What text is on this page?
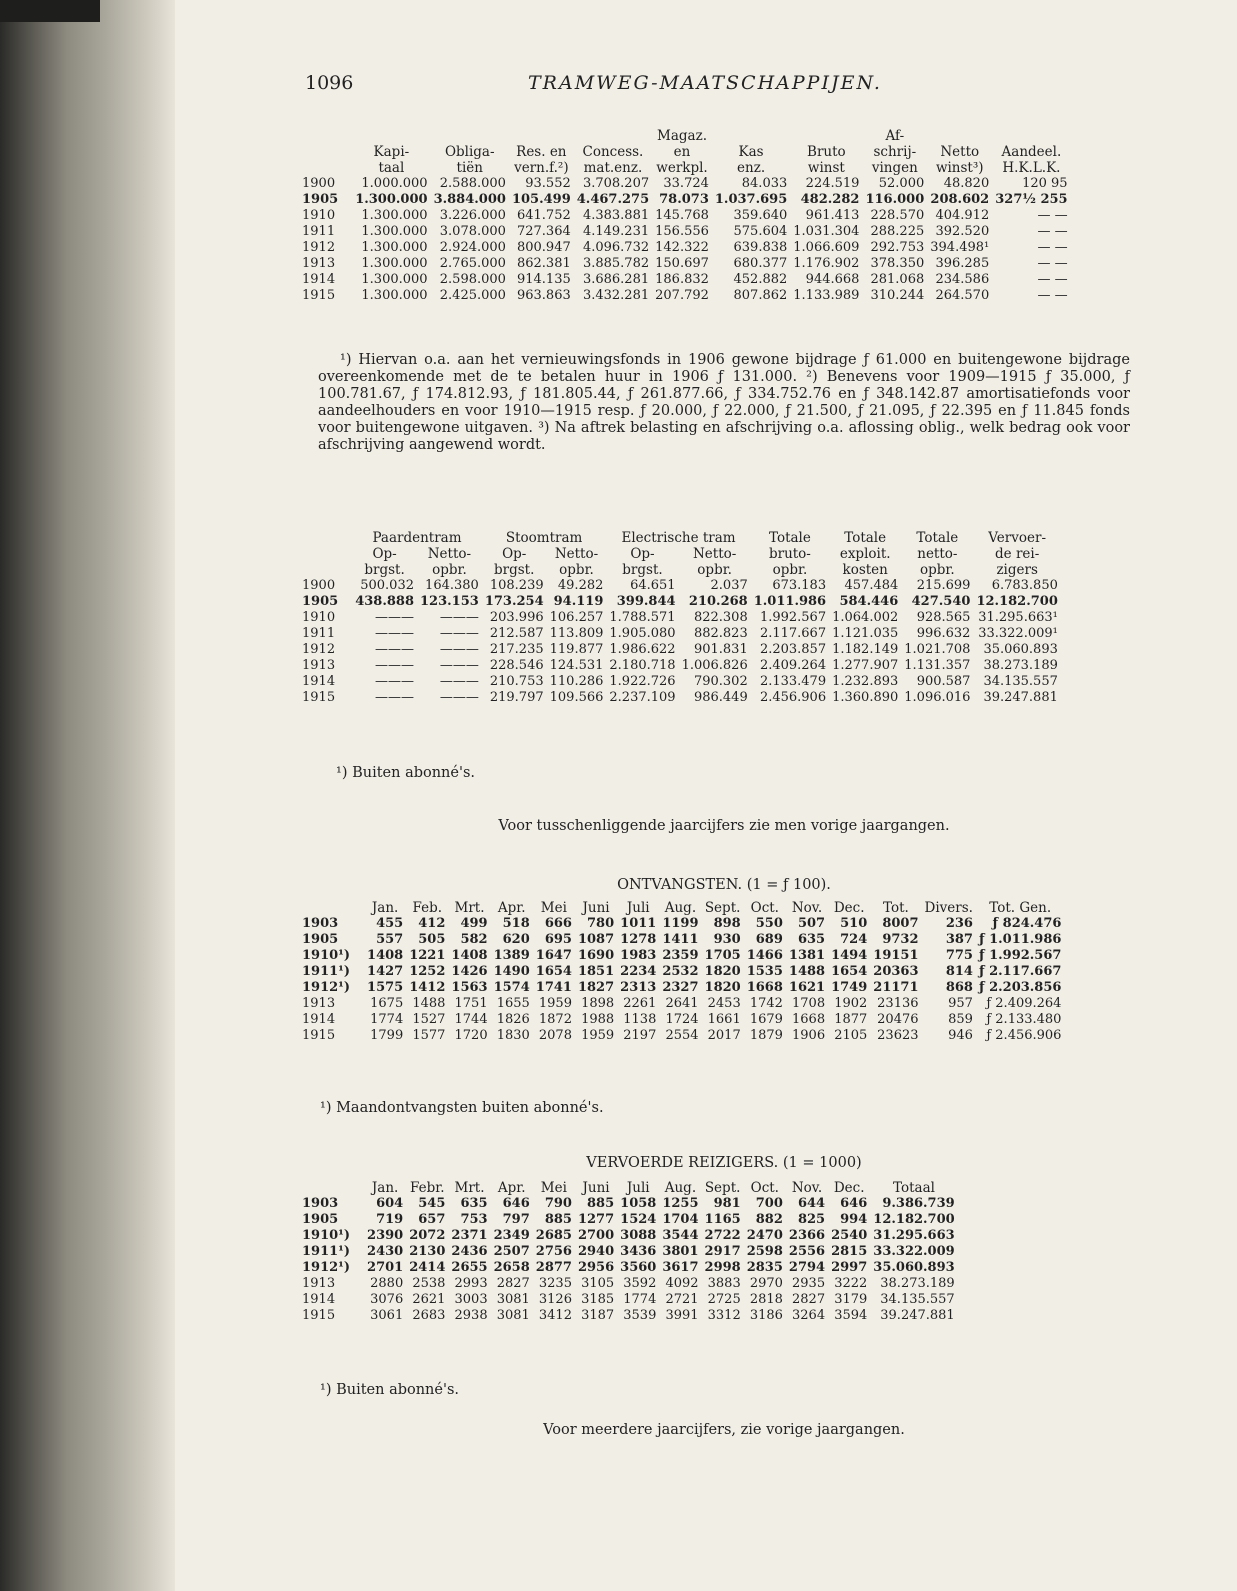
1096	TRAMWEG-MAATSCHAPPIJEN.
					Magaz.			Af-		
	Kapi-	Obliga-	Res. en	Concess.	en	Kas	Bruto	schrij-	Netto	Aandeel.
	taal	tiën	vern.f.²)	mat.enz.	werkpl.	enz.	winst	vingen	winst³)	H.K.L.K.
1900	1.000.000	2.588.000	93.552	3.708.207	33.724	84.033	224.519	52.000	48.820	120 95
1905	1.300.000	3.884.000	105.499	4.467.275	78.073	1.037.695	482.282	116.000	208.602	327½ 255
1910	1.300.000	3.226.000	641.752	4.383.881	145.768	359.640	961.413	228.570	404.912	— —
1911	1.300.000	3.078.000	727.364	4.149.231	156.556	575.604	1.031.304	288.225	392.520	— —
1912	1.300.000	2.924.000	800.947	4.096.732	142.322	639.838	1.066.609	292.753	394.498¹	— —
1913	1.300.000	2.765.000	862.381	3.885.782	150.697	680.377	1.176.902	378.350	396.285	— —
1914	1.300.000	2.598.000	914.135	3.686.281	186.832	452.882	944.668	281.068	234.586	— —
1915	1.300.000	2.425.000	963.863	3.432.281	207.792	807.862	1.133.989	310.244	264.570	— —
¹) Hiervan o.a. aan het vernieuwingsfonds in 1906 gewone bijdrage ƒ 61.000 en buitengewone bijdrage overeenkomende met de te betalen huur in 1906 ƒ 131.000. ²) Benevens voor 1909—1915 ƒ 35.000, ƒ 100.781.67, ƒ 174.812.93, ƒ 181.805.44, ƒ 261.877.66, ƒ 334.752.76 en ƒ 348.142.87 amortisatiefonds voor aandeelhouders en voor 1910—1915 resp. ƒ 20.000, ƒ 22.000, ƒ 21.500, ƒ 21.095, ƒ 22.395 en ƒ 11.845 fonds voor buitengewone uitgaven. ³) Na aftrek belasting en afschrijving o.a. aflossing oblig., welk bedrag ook voor afschrijving aangewend wordt.
	Paardentram		Stoomtram		Electrische tram		Totale	Totale	Totale	Vervoer-
	Op-	Netto-	Op-	Netto-	Op-	Netto-	bruto-	exploit.	netto-	de rei-
	brgst.	opbr.	brgst.	opbr.	brgst.	opbr.	opbr.	kosten	opbr.	zigers
1900	500.032	164.380	108.239	49.282	64.651	2.037	673.183	457.484	215.699	6.783.850
1905	438.888	123.153	173.254	94.119	399.844	210.268	1.011.986	584.446	427.540	12.182.700
1910	———	———	203.996	106.257	1.788.571	822.308	1.992.567	1.064.002	928.565	31.295.663¹
1911	———	———	212.587	113.809	1.905.080	882.823	2.117.667	1.121.035	996.632	33.322.009¹
1912	———	———	217.235	119.877	1.986.622	901.831	2.203.857	1.182.149	1.021.708	35.060.893
1913	———	———	228.546	124.531	2.180.718	1.006.826	2.409.264	1.277.907	1.131.357	38.273.189
1914	———	———	210.753	110.286	1.922.726	790.302	2.133.479	1.232.893	900.587	34.135.557
1915	———	———	219.797	109.566	2.237.109	986.449	2.456.906	1.360.890	1.096.016	39.247.881
¹) Buiten abonné's.
Voor tusschenliggende jaarcijfers zie men vorige jaargangen.
ONTVANGSTEN. (1 = ƒ 100).
	Jan.	Feb.	Mrt.	Apr.	Mei	Juni	Juli	Aug.	Sept.	Oct.	Nov.	Dec.	Tot.	Divers.	Tot. Gen.
1903	455	412	499	518	666	780	1011	1199	898	550	507	510	8007	236	ƒ 824.476
1905	557	505	582	620	695	1087	1278	1411	930	689	635	724	9732	387	ƒ 1.011.986
1910¹)	1408	1221	1408	1389	1647	1690	1983	2359	1705	1466	1381	1494	19151	775	ƒ 1.992.567
1911¹)	1427	1252	1426	1490	1654	1851	2234	2532	1820	1535	1488	1654	20363	814	ƒ 2.117.667
1912¹)	1575	1412	1563	1574	1741	1827	2313	2327	1820	1668	1621	1749	21171	868	ƒ 2.203.856
1913	1675	1488	1751	1655	1959	1898	2261	2641	2453	1742	1708	1902	23136	957	ƒ 2.409.264
1914	1774	1527	1744	1826	1872	1988	1138	1724	1661	1679	1668	1877	20476	859	ƒ 2.133.480
1915	1799	1577	1720	1830	2078	1959	2197	2554	2017	1879	1906	2105	23623	946	ƒ 2.456.906
¹) Maandontvangsten buiten abonné's.
VERVOERDE REIZIGERS. (1 = 1000)
	Jan.	Febr.	Mrt.	Apr.	Mei	Juni	Juli	Aug.	Sept.	Oct.	Nov.	Dec.	Totaal
1903	604	545	635	646	790	885	1058	1255	981	700	644	646	9.386.739
1905	719	657	753	797	885	1277	1524	1704	1165	882	825	994	12.182.700
1910¹)	2390	2072	2371	2349	2685	2700	3088	3544	2722	2470	2366	2540	31.295.663
1911¹)	2430	2130	2436	2507	2756	2940	3436	3801	2917	2598	2556	2815	33.322.009
1912¹)	2701	2414	2655	2658	2877	2956	3560	3617	2998	2835	2794	2997	35.060.893
1913	2880	2538	2993	2827	3235	3105	3592	4092	3883	2970	2935	3222	38.273.189
1914	3076	2621	3003	3081	3126	3185	1774	2721	2725	2818	2827	3179	34.135.557
1915	3061	2683	2938	3081	3412	3187	3539	3991	3312	3186	3264	3594	39.247.881
¹) Buiten abonné's.
Voor meerdere jaarcijfers, zie vorige jaargangen.
